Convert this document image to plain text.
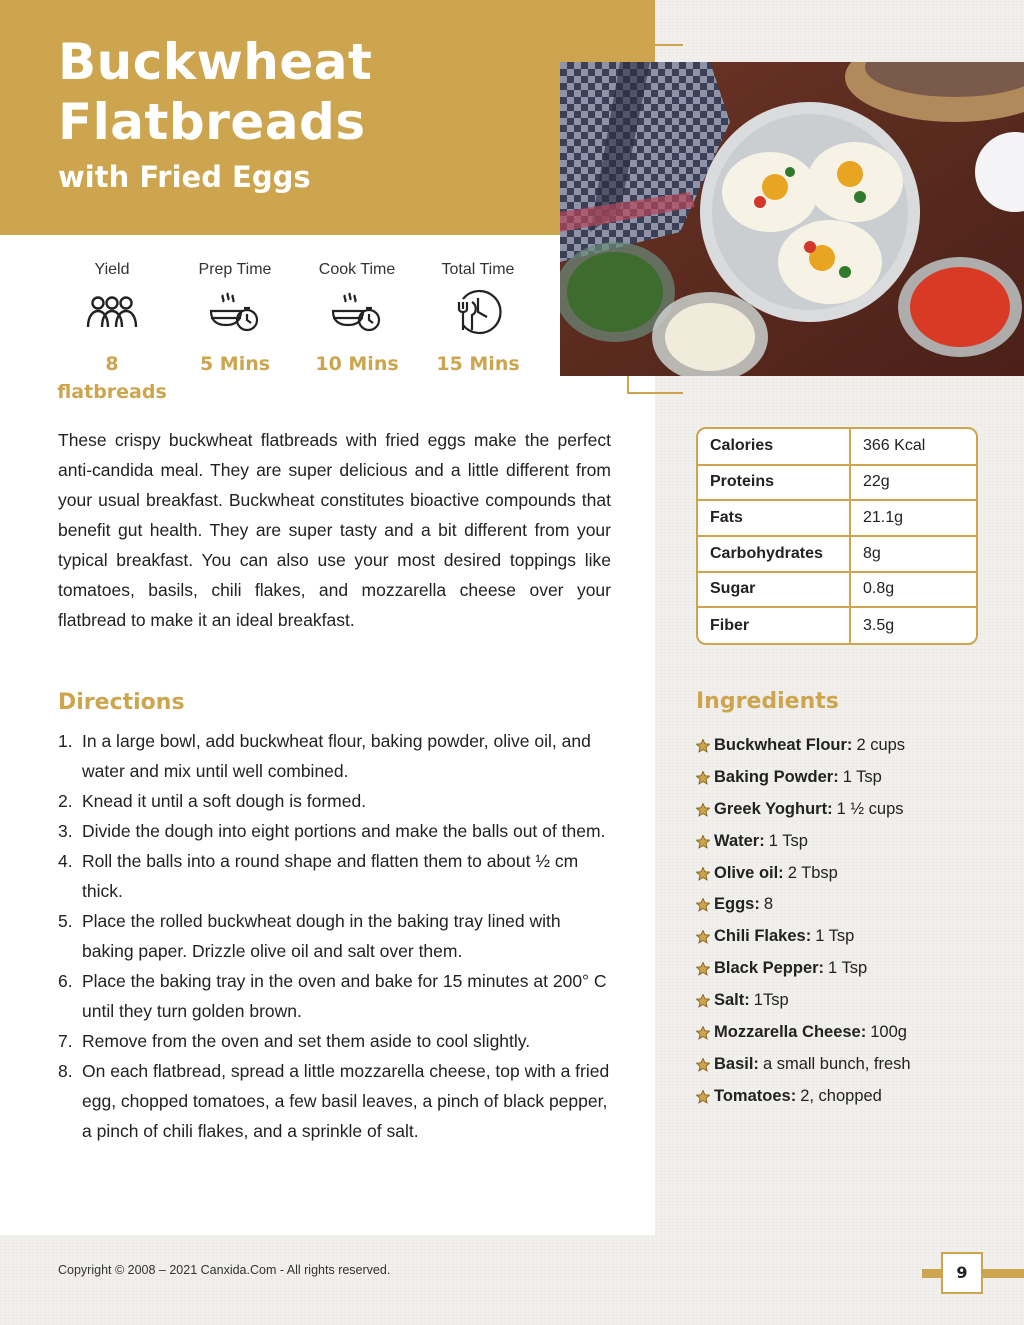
Buckwheat Flatbreads
with Fried Eggs
Yield
8 flatbreads
Prep Time
5 Mins
Cook Time
10 Mins
Total Time
15 Mins

These crispy buckwheat flatbreads with fried eggs make the perfect anti-candida meal. They are super delicious and a little different from your usual breakfast. Buckwheat constitutes bioactive compounds that benefit gut health. They are super tasty and a bit different from your typical breakfast. You can also use your most desired toppings like tomatoes, basils, chili flakes, and mozzarella cheese over your flatbread to make it an ideal breakfast.

Directions
1. In a large bowl, add buckwheat flour, baking powder, olive oil, and water and mix until well combined.
2. Knead it until a soft dough is formed.
3. Divide the dough into eight portions and make the balls out of them.
4. Roll the balls into a round shape and flatten them to about ½ cm thick.
5. Place the rolled buckwheat dough in the baking tray lined with baking paper. Drizzle olive oil and salt over them.
6. Place the baking tray in the oven and bake for 15 minutes at 200° C until they turn golden brown.
7. Remove from the oven and set them aside to cool slightly.
8. On each flatbread, spread a little mozzarella cheese, top with a fried egg, chopped tomatoes, a few basil leaves, a pinch of black pepper, a pinch of chili flakes, and a sprinkle of salt.
Calories	366 Kcal
Proteins	22g
Fats	21.1g
Carbohydrates	8g
Sugar	0.8g
Fiber	3.5g
Ingredients
Buckwheat Flour: 2 cups
Baking Powder: 1 Tsp
Greek Yoghurt: 1 ½ cups
Water: 1 Tsp
Olive oil: 2 Tbsp
Eggs: 8
Chili Flakes: 1 Tsp
Black Pepper: 1 Tsp
Salt: 1Tsp
Mozzarella Cheese: 100g
Basil: a small bunch, fresh
Tomatoes: 2, chopped
Copyright © 2008 – 2021 Canxida.Com - All rights reserved.	9
